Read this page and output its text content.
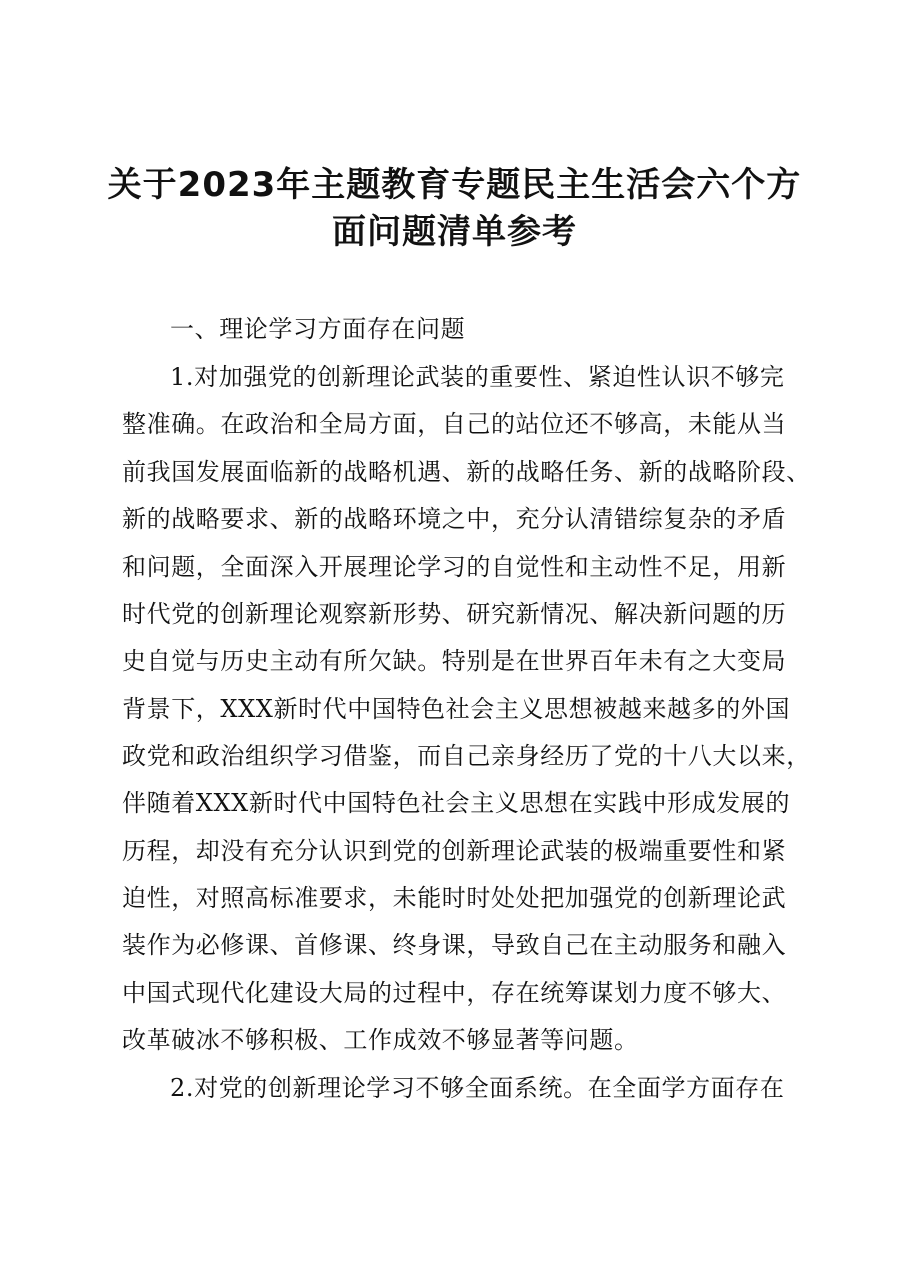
关于2023年主题教育专题民主生活会六个方
面问题清单参考
一、理论学习方面存在问题
1.对加强党的创新理论武装的重要性、紧迫性认识不够完
整准确。在政治和全局方面，自己的站位还不够高，未能从当
前我国发展面临新的战略机遇、新的战略任务、新的战略阶段、
新的战略要求、新的战略环境之中，充分认清错综复杂的矛盾
和问题，全面深入开展理论学习的自觉性和主动性不足，用新
时代党的创新理论观察新形势、研究新情况、解决新问题的历
史自觉与历史主动有所欠缺。特别是在世界百年未有之大变局
背景下，XXX新时代中国特色社会主义思想被越来越多的外国
政党和政治组织学习借鉴，而自己亲身经历了党的十八大以来，
伴随着XXX新时代中国特色社会主义思想在实践中形成发展的
历程，却没有充分认识到党的创新理论武装的极端重要性和紧
迫性，对照高标准要求，未能时时处处把加强党的创新理论武
装作为必修课、首修课、终身课，导致自己在主动服务和融入
中国式现代化建设大局的过程中，存在统筹谋划力度不够大、
改革破冰不够积极、工作成效不够显著等问题。
2.对党的创新理论学习不够全面系统。在全面学方面存在
